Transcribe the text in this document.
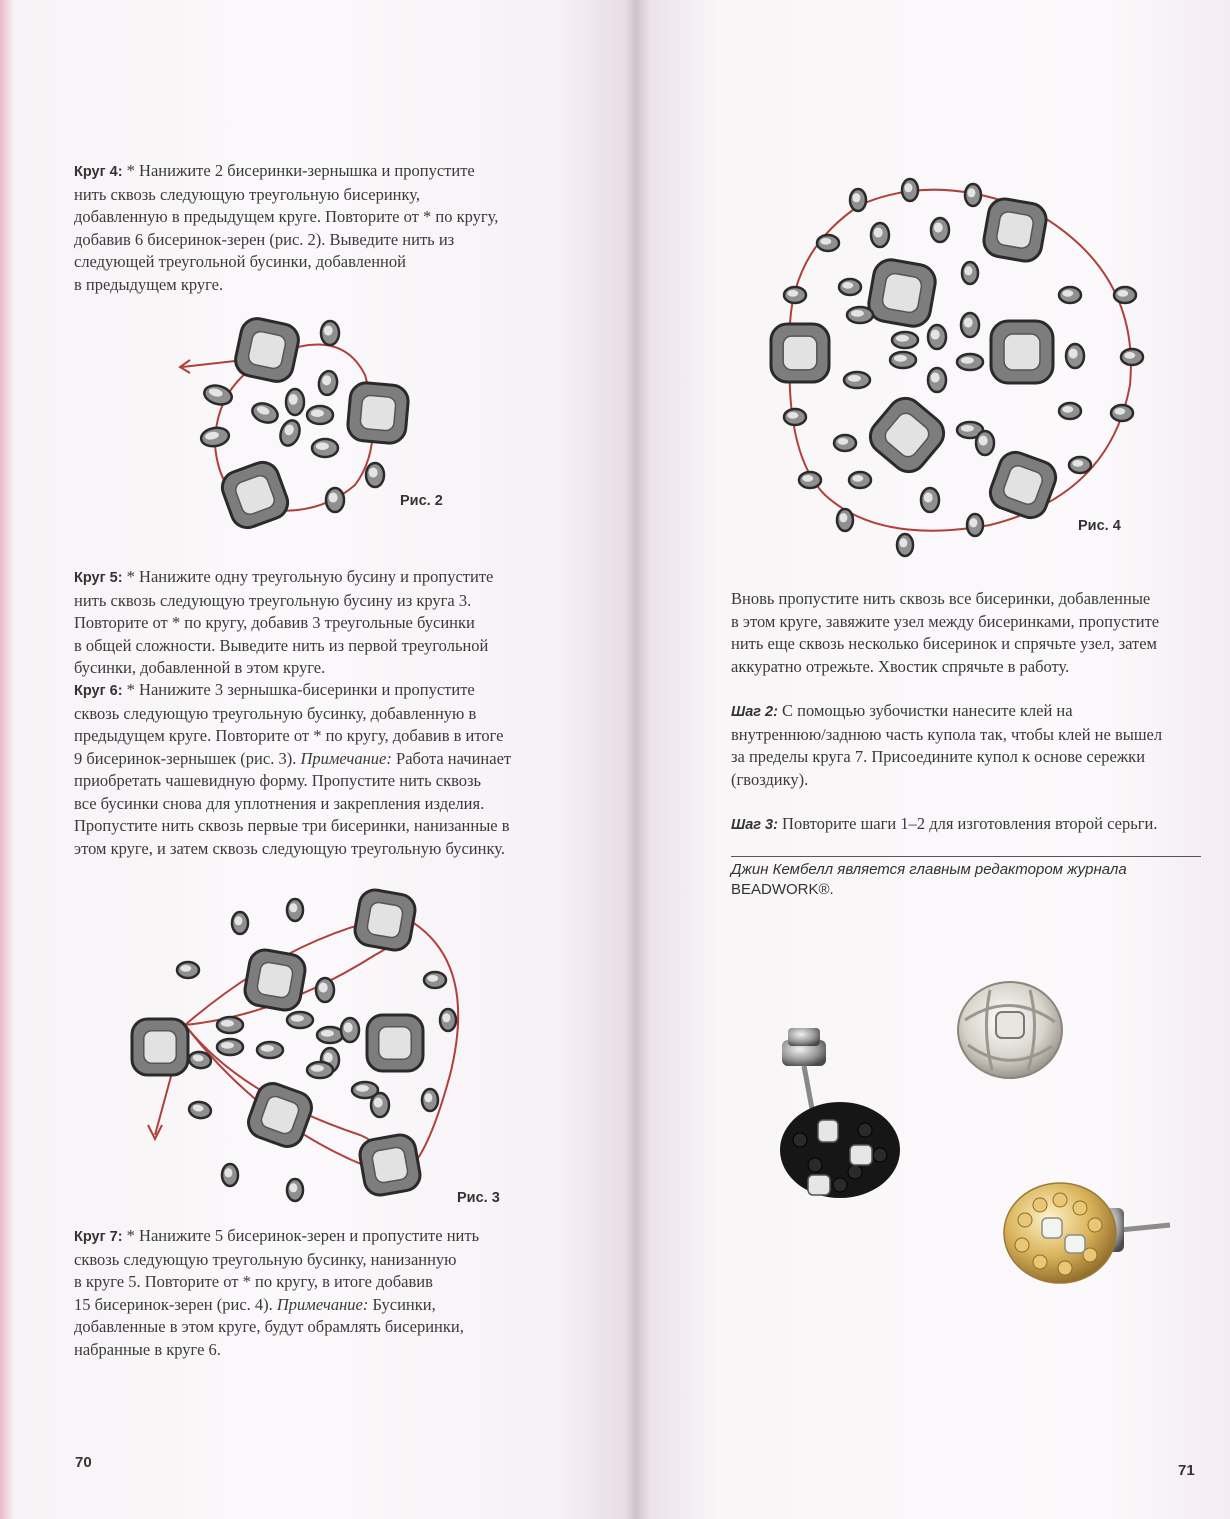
Круг 4: * Нанижите 2 бисеринки-зернышка и пропустите
нить сквозь следующую треугольную бисеринку,
добавленную в предыдущем круге. Повторите от * по кругу,
добавив 6 бисеринок-зерен (рис. 2). Выведите нить из
следующей треугольной бусинки, добавленной
в предыдущем круге.

Рис. 2

Круг 5: * Нанижите одну треугольную бусину и пропустите
нить сквозь следующую треугольную бусину из круга 3.
Повторите от * по кругу, добавив 3 треугольные бусинки
в общей сложности. Выведите нить из первой треугольной
бусинки, добавленной в этом круге.

Круг 6: * Нанижите 3 зернышка-бисеринки и пропустите
сквозь следующую треугольную бусинку, добавленную в
предыдущем круге. Повторите от * по кругу, добавив в итоге
9 бисеринок-зернышек (рис. 3). Примечание: Работа начинает
приобретать чашевидную форму. Пропустите нить сквозь
все бусинки снова для уплотнения и закрепления изделия.
Пропустите нить сквозь первые три бисеринки, нанизанные в
этом круге, и затем сквозь следующую треугольную бусинку.

Рис. 3

Круг 7: * Нанижите 5 бисеринок-зерен и пропустите нить
сквозь следующую треугольную бусинку, нанизанную
в круге 5. Повторите от * по кругу, в итоге добавив
15 бисеринок-зерен (рис. 4). Примечание: Бусинки,
добавленные в этом круге, будут обрамлять бисеринки,
набранные в круге 6.

70
Рис. 4

Вновь пропустите нить сквозь все бисеринки, добавленные
в этом круге, завяжите узел между бисеринками, пропустите
нить еще сквозь несколько бисеринок и спрячьте узел, затем
аккуратно отрежьте. Хвостик спрячьте в работу.

Шаг 2: С помощью зубочистки нанесите клей на
внутреннюю/заднюю часть купола так, чтобы клей не вышел
за пределы круга 7. Присоедините купол к основе сережки
(гвоздику).

Шаг 3: Повторите шаги 1–2 для изготовления второй серьги.

Джин Кембелл является главным редактором журнала
BEADWORK®.
71
